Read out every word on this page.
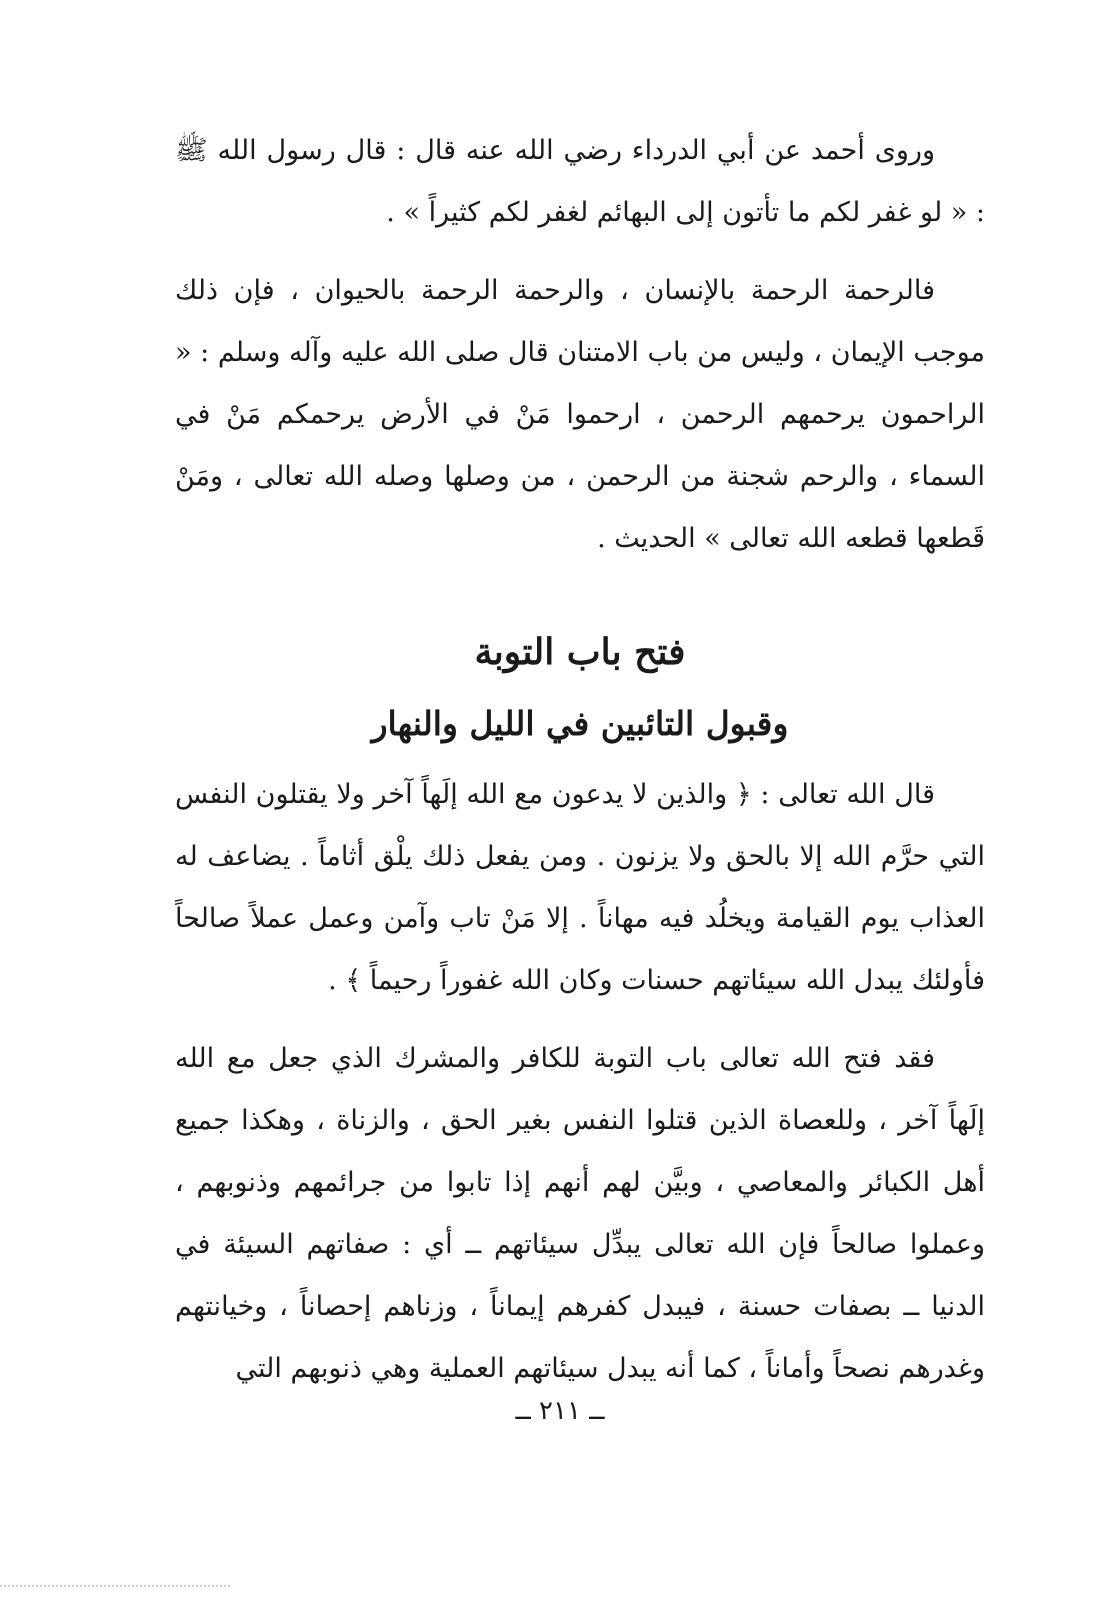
وروى أحمد عن أبي الدرداء رضي الله عنه قال : قال رسول الله ﷺ : « لو غفر لكم ما تأتون إلى البهائم لغفر لكم كثيراً » .

فالرحمة الرحمة بالإنسان ، والرحمة الرحمة بالحيوان ، فإن ذلك موجب الإيمان ، وليس من باب الامتنان قال صلى الله عليه وآله وسلم : « الراحمون يرحمهم الرحمن ، ارحموا مَنْ في الأرض يرحمكم مَنْ في السماء ، والرحم شجنة من الرحمن ، من وصلها وصله الله تعالى ، ومَنْ قَطعها قطعه الله تعالى » الحديث .

فتح باب التوبة
وقبول التائبين في الليل والنهار

قال الله تعالى : ﴿ والذين لا يدعون مع الله إلَهاً آخر ولا يقتلون النفس التي حرَّم الله إلا بالحق ولا يزنون . ومن يفعل ذلك يلْق أثاماً . يضاعف له العذاب يوم القيامة ويخلُد فيه مهاناً . إلا مَنْ تاب وآمن وعمل عملاً صالحاً فأولئك يبدل الله سيئاتهم حسنات وكان الله غفوراً رحيماً ﴾ .

فقد فتح الله تعالى باب التوبة للكافر والمشرك الذي جعل مع الله إلَهاً آخر ، وللعصاة الذين قتلوا النفس بغير الحق ، والزناة ، وهكذا جميع أهل الكبائر والمعاصي ، وبيَّن لهم أنهم إذا تابوا من جرائمهم وذنوبهم ، وعملوا صالحاً فإن الله تعالى يبدِّل سيئاتهم ــ أي : صفاتهم السيئة في الدنيا ــ بصفات حسنة ، فيبدل كفرهم إيماناً ، وزناهم إحصاناً ، وخيانتهم وغدرهم نصحاً وأماناً ، كما أنه يبدل سيئاتهم العملية وهي ذنوبهم التي

ــ ٢١١ ــ
